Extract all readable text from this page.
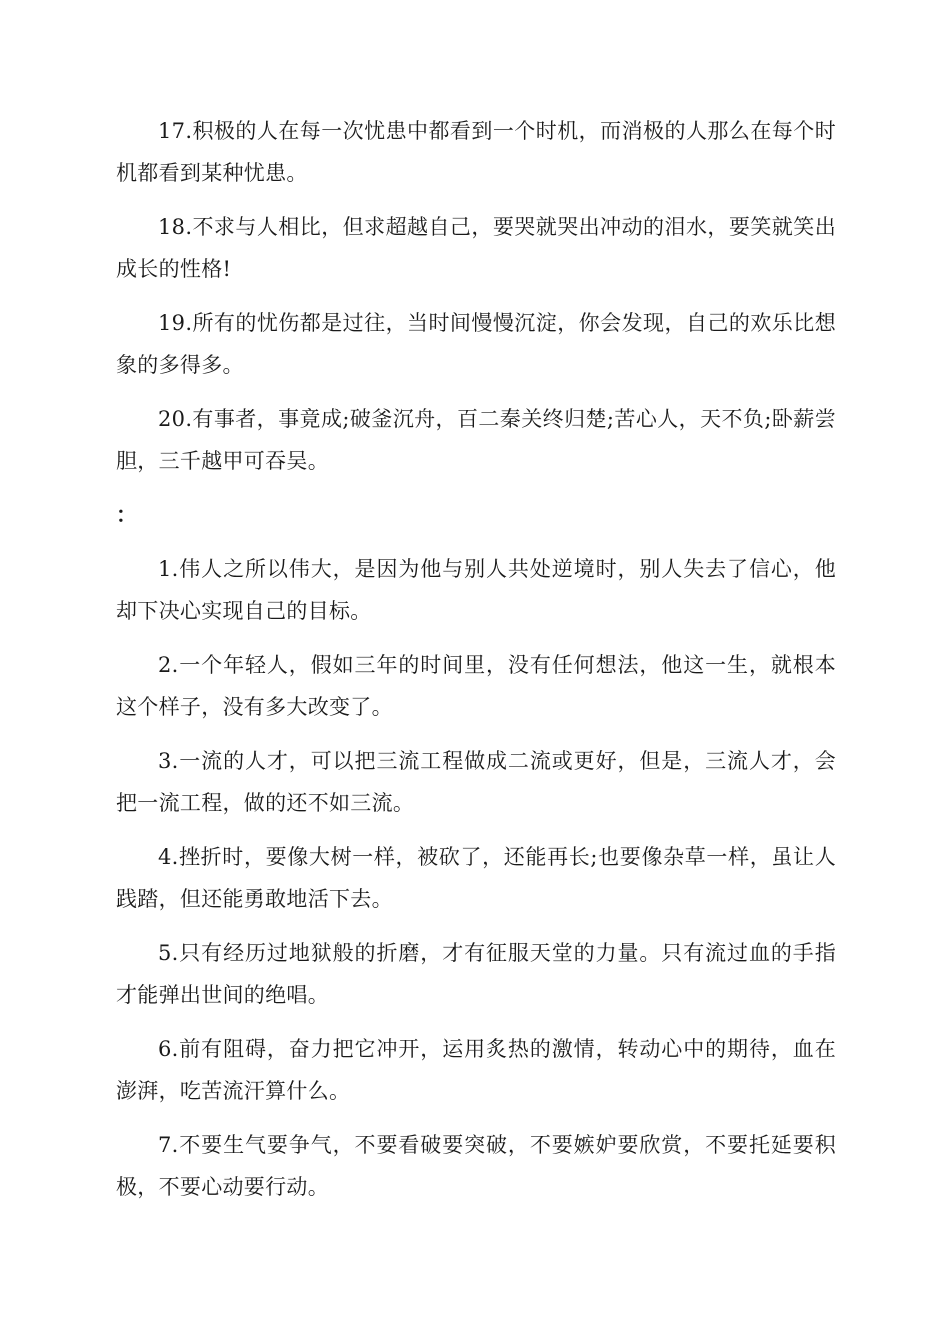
17.积极的人在每一次忧患中都看到一个时机，而消极的人那么在每个时机都看到某种忧患。

18.不求与人相比，但求超越自己，要哭就哭出冲动的泪水，要笑就笑出成长的性格!

19.所有的忧伤都是过往，当时间慢慢沉淀，你会发现，自己的欢乐比想象的多得多。

20.有事者，事竟成;破釜沉舟，百二秦关终归楚;苦心人，天不负;卧薪尝胆，三千越甲可吞吴。

：

1.伟人之所以伟大，是因为他与别人共处逆境时，别人失去了信心，他却下决心实现自己的目标。

2.一个年轻人，假如三年的时间里，没有任何想法，他这一生，就根本这个样子，没有多大改变了。

3.一流的人才，可以把三流工程做成二流或更好，但是，三流人才，会把一流工程，做的还不如三流。

4.挫折时，要像大树一样，被砍了，还能再长;也要像杂草一样，虽让人践踏，但还能勇敢地活下去。

5.只有经历过地狱般的折磨，才有征服天堂的力量。只有流过血的手指才能弹出世间的绝唱。

6.前有阻碍，奋力把它冲开，运用炙热的激情，转动心中的期待，血在澎湃，吃苦流汗算什么。

7.不要生气要争气，不要看破要突破，不要嫉妒要欣赏，不要托延要积极，不要心动要行动。
